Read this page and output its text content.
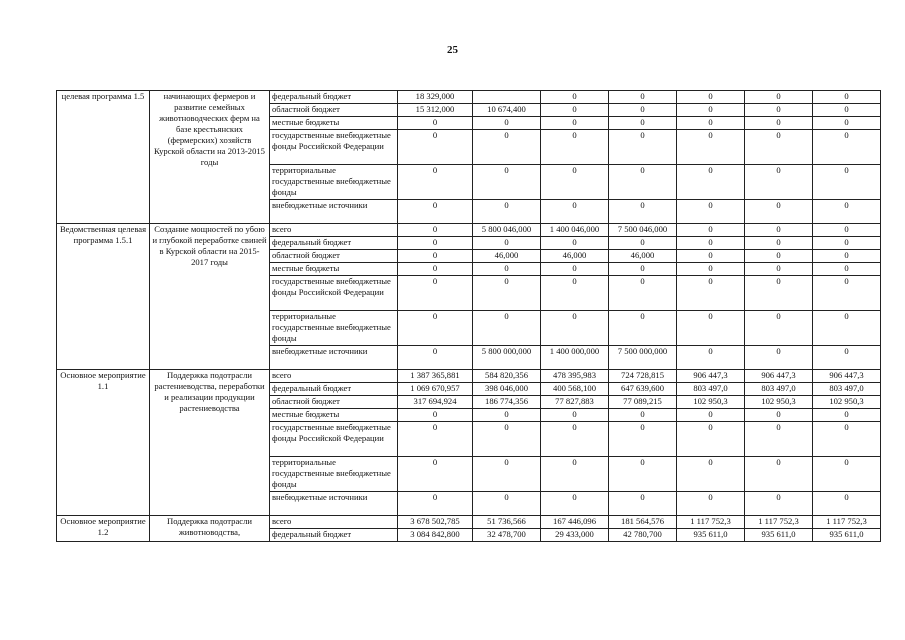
25
целевая программа 1.5	начинающих фермеров и развитие семейных животноводческих ферм на базе крестьянских (фермерских) хозяйств Курской области на 2013-2015 годы	федеральный бюджет	18 329,000		0	0	0	0	0
		областной бюджет	15 312,000	10 674,400	0	0	0	0	0
		местные бюджеты	0	0	0	0	0	0	0
		государственные внебюджетные фонды Российской Федерации	0	0	0	0	0	0	0
		территориальные государственные внебюджетные фонды	0	0	0	0	0	0	0
		внебюджетные источники	0	0	0	0	0	0	0
Ведомственная целевая программа 1.5.1	Создание мощностей по убою и глубокой переработке свиней в Курской области на 2015-2017 годы	всего	0	5 800 046,000	1 400 046,000	7 500 046,000	0	0	0
		федеральный бюджет	0	0	0	0	0	0	0
		областной бюджет	0	46,000	46,000	46,000	0	0	0
		местные бюджеты	0	0	0	0	0	0	0
		государственные внебюджетные фонды Российской Федерации	0	0	0	0	0	0	0
		территориальные государственные внебюджетные фонды	0	0	0	0	0	0	0
		внебюджетные источники	0	5 800 000,000	1 400 000,000	7 500 000,000	0	0	0
Основное мероприятие 1.1	Поддержка подотрасли растениеводства, переработки и реализации продукции растениеводства	всего	1 387 365,881	584 820,356	478 395,983	724 728,815	906 447,3	906 447,3	906 447,3
		федеральный бюджет	1 069 670,957	398 046,000	400 568,100	647 639,600	803 497,0	803 497,0	803 497,0
		областной бюджет	317 694,924	186 774,356	77 827,883	77 089,215	102 950,3	102 950,3	102 950,3
		местные бюджеты	0	0	0	0	0	0	0
		государственные внебюджетные фонды Российской Федерации	0	0	0	0	0	0	0
		территориальные государственные внебюджетные фонды	0	0	0	0	0	0	0
		внебюджетные источники	0	0	0	0	0	0	0
Основное мероприятие 1.2	Поддержка подотрасли животноводства,	всего	3 678 502,785	51 736,566	167 446,096	181 564,576	1 117 752,3	1 117 752,3	1 117 752,3
		федеральный бюджет	3 084 842,800	32 478,700	29 433,000	42 780,700	935 611,0	935 611,0	935 611,0
